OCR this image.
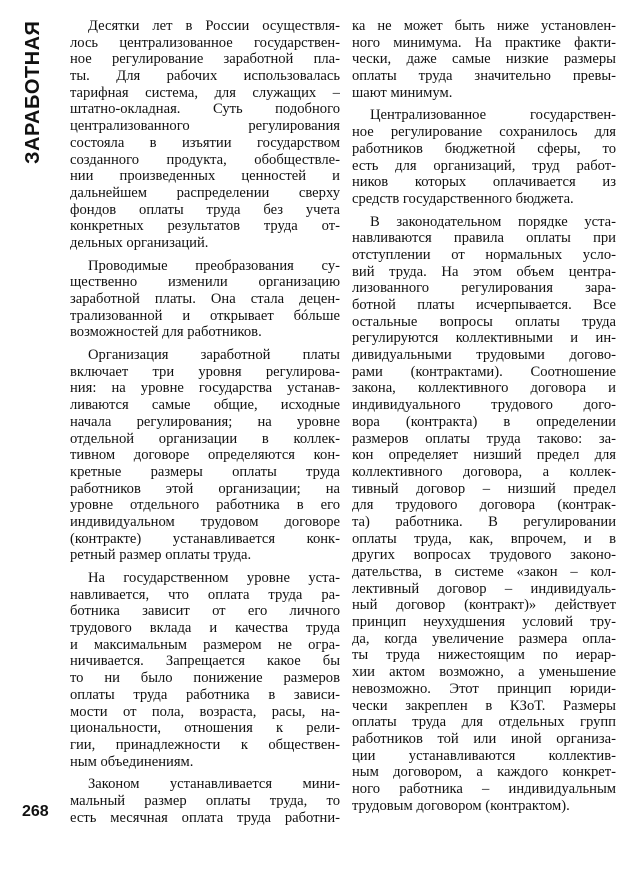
ЗАРАБОТНАЯ	Десятки лет в России осуществля-
лось централизованное государствен-
ное регулирование заработной пла-
ты. Для рабочих использовалась
тарифная система, для служащих –
штатно-окладная. Суть подобного
централизованного регулирования
состояла в изъятии государством
созданного продукта, обобществле-
нии произведенных ценностей и
дальнейшем распределении сверху
фондов оплаты труда без учета
конкретных результатов труда от-
дельных организаций.
Проводимые преобразования су-
щественно изменили организацию
заработной платы. Она стала децен-
трализованной и открывает бóльше
возможностей для работников.
Организация заработной платы
включает три уровня регулирова-
ния: на уровне государства устанав-
ливаются самые общие, исходные
начала регулирования; на уровне
отдельной организации в коллек-
тивном договоре определяются кон-
кретные размеры оплаты труда
работников этой организации; на
уровне отдельного работника в его
индивидуальном трудовом договоре
(контракте) устанавливается конк-
ретный размер оплаты труда.
На государственном уровне уста-
навливается, что оплата труда ра-
ботника зависит от его личного
трудового вклада и качества труда
и максимальным размером не огра-
ничивается. Запрещается какое бы
то ни было понижение размеров
оплаты труда работника в зависи-
мости от пола, возраста, расы, на-
циональности, отношения к рели-
гии, принадлежности к обществен-
ным объединениям.
Законом устанавливается мини-
мальный размер оплаты труда, то
есть месячная оплата труда работни-
ка не может быть ниже установлен-
ного минимума. На практике факти-
чески, даже самые низкие размеры
оплаты труда значительно превы-
шают минимум.
Централизованное государствен-
ное регулирование сохранилось для
работников бюджетной сферы, то
есть для организаций, труд работ-
ников которых оплачивается из
средств государственного бюджета.
В законодательном порядке уста-
навливаются правила оплаты при
отступлении от нормальных усло-
вий труда. На этом объем центра-
лизованного регулирования зара-
ботной платы исчерпывается. Все
остальные вопросы оплаты труда
регулируются коллективными и ин-
дивидуальными трудовыми догово-
рами (контрактами). Соотношение
закона, коллективного договора и
индивидуального трудового дого-
вора (контракта) в определении
размеров оплаты труда таково: за-
кон определяет низший предел для
коллективного договора, а коллек-
тивный договор – низший предел
для трудового договора (контрак-
та) работника. В регулировании
оплаты труда, как, впрочем, и в
других вопросах трудового законо-
дательства, в системе «закон – кол-
лективный договор – индивидуаль-
ный договор (контракт)» действует
принцип неухудшения условий тру-
да, когда увеличение размера опла-
ты труда нижестоящим по иерар-
хии актом возможно, а уменьшение
невозможно. Этот принцип юриди-
чески закреплен в КЗоТ. Размеры
оплаты труда для отдельных групп
работников той или иной организа-
ции устанавливаются коллектив-
ным договором, а каждого конкрет-
ного работника – индивидуальным
трудовым договором (контрактом).
268
